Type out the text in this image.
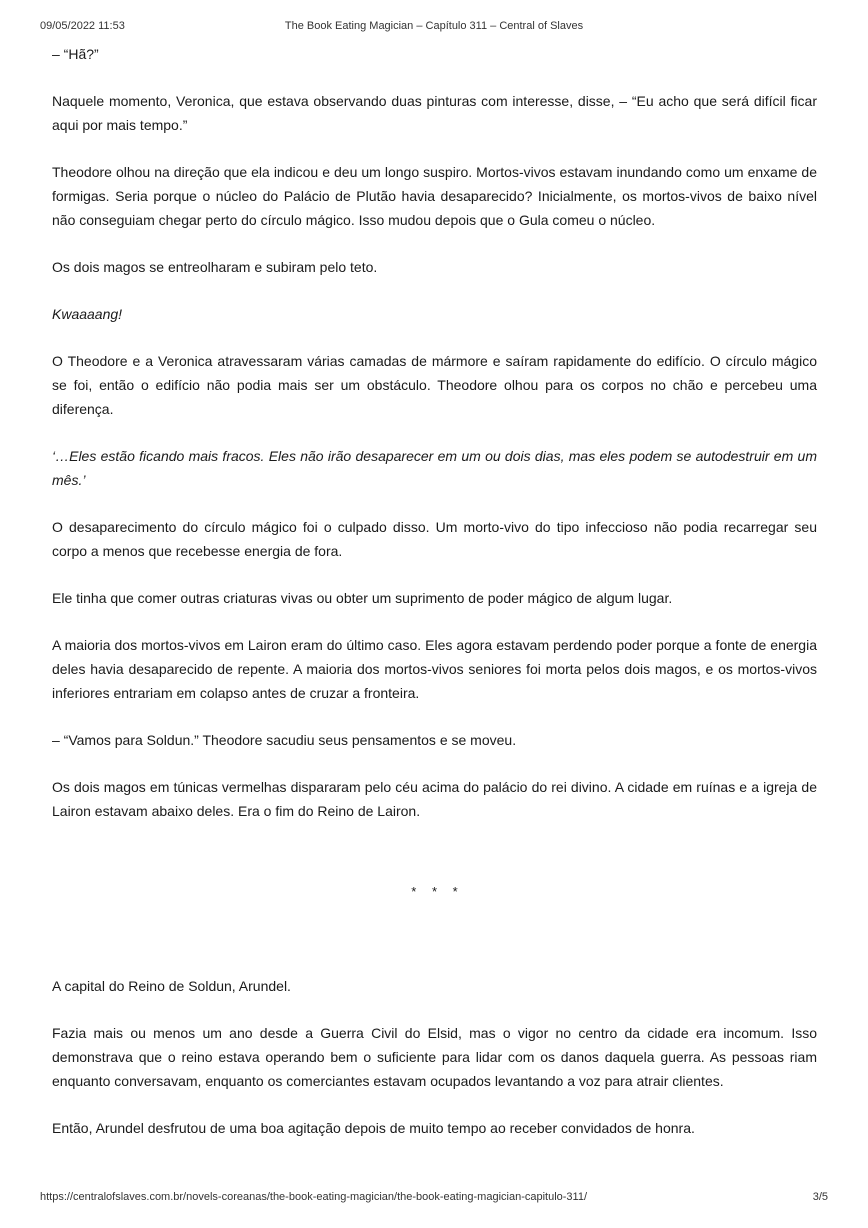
09/05/2022 11:53	The Book Eating Magician – Capítulo 311 – Central of Slaves

– “Hã?”

Naquele momento, Veronica, que estava observando duas pinturas com interesse, disse, – “Eu acho que será difícil ficar aqui por mais tempo.”

Theodore olhou na direção que ela indicou e deu um longo suspiro. Mortos-vivos estavam inundando como um enxame de formigas. Seria porque o núcleo do Palácio de Plutão havia desaparecido? Inicialmente, os mortos-vivos de baixo nível não conseguiam chegar perto do círculo mágico. Isso mudou depois que o Gula comeu o núcleo.

Os dois magos se entreolharam e subiram pelo teto.

Kwaaaang!

O Theodore e a Veronica atravessaram várias camadas de mármore e saíram rapidamente do edifício. O círculo mágico se foi, então o edifício não podia mais ser um obstáculo. Theodore olhou para os corpos no chão e percebeu uma diferença.

‘…Eles estão ficando mais fracos. Eles não irão desaparecer em um ou dois dias, mas eles podem se autodestruir em um mês.’

O desaparecimento do círculo mágico foi o culpado disso. Um morto-vivo do tipo infeccioso não podia recarregar seu corpo a menos que recebesse energia de fora.

Ele tinha que comer outras criaturas vivas ou obter um suprimento de poder mágico de algum lugar.

A maioria dos mortos-vivos em Lairon eram do último caso. Eles agora estavam perdendo poder porque a fonte de energia deles havia desaparecido de repente. A maioria dos mortos-vivos seniores foi morta pelos dois magos, e os mortos-vivos inferiores entrariam em colapso antes de cruzar a fronteira.

– “Vamos para Soldun.” Theodore sacudiu seus pensamentos e se moveu.

Os dois magos em túnicas vermelhas dispararam pelo céu acima do palácio do rei divino. A cidade em ruínas e a igreja de Lairon estavam abaixo deles. Era o fim do Reino de Lairon.

* * *

A capital do Reino de Soldun, Arundel.

Fazia mais ou menos um ano desde a Guerra Civil do Elsid, mas o vigor no centro da cidade era incomum. Isso demonstrava que o reino estava operando bem o suficiente para lidar com os danos daquela guerra. As pessoas riam enquanto conversavam, enquanto os comerciantes estavam ocupados levantando a voz para atrair clientes.

Então, Arundel desfrutou de uma boa agitação depois de muito tempo ao receber convidados de honra.

https://centralofslaves.com.br/novels-coreanas/the-book-eating-magician/the-book-eating-magician-capitulo-311/	3/5
